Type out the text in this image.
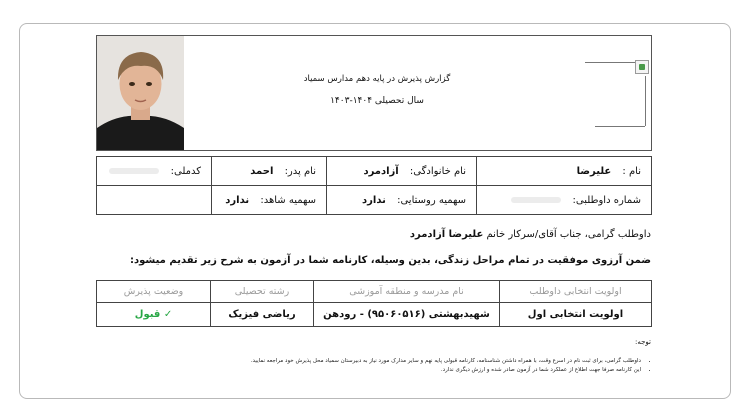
گزارش پذیرش در پایه دهم مدارس سمیاد
سال تحصیلی ۱۴۰۴-۱۴۰۳
نام : علیرضا	نام خانوادگی: آزادمرد	نام پدر: احمد	کدملی:
شماره داوطلبی:	سهمیه روستایی: ندارد	سهمیه شاهد: ندارد	
داوطلب گرامی، جناب آقای/سرکار خانم علیرضا آزادمرد
ضمن آرزوی موفقیت در تمام مراحل زندگی، بدین وسیله، کارنامه شما در آزمون به شرح زیر تقدیم میشود:
اولویت انتخابی داوطلب	نام مدرسه و منطقه آموزشی	رشته تحصیلی	وضعیت پذیرش
اولویت انتخابی اول	شهیدبهشتی (۹۵۰۶۰۵۱۶) - رودهن	ریاضی فیزیک	✓ قبول
توجه:
• داوطلب گرامی، برای ثبت نام در اسرع وقت، با همراه داشتن شناسنامه، کارنامه قبولی پایه نهم و سایر مدارک مورد نیاز به دبیرستان سمیاد محل پذیرش خود مراجعه نمایید.
• این کارنامه صرفا جهت اطلاع از عملکرد شما در آزمون صادر شده و ارزش دیگری ندارد.
